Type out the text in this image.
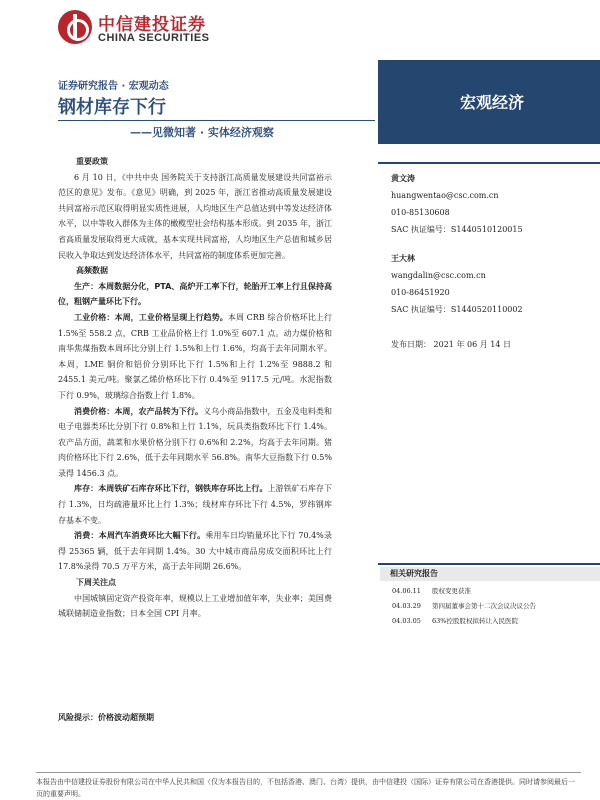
中信建投证券
CHINA SECURITIES
证券研究报告 · 宏观动态
钢材库存下行
——见微知著 · 实体经济观察
宏观经济
重要政策

6 月 10 日，《中共中央 国务院关于支持浙江高质量发展建设共同富裕示范区的意见》发布。《意见》明确，到 2025 年，浙江省推动高质量发展建设共同富裕示范区取得明显实质性进展，人均地区生产总值达到中等发达经济体水平，以中等收入群体为主体的橄榄型社会结构基本形成。到 2035 年，浙江省高质量发展取得更大成就，基本实现共同富裕，人均地区生产总值和城乡居民收入争取达到发达经济体水平，共同富裕的制度体系更加完善。

高频数据

生产：本周数据分化，PTA、高炉开工率下行，轮胎开工率上行且保持高位，粗钢产量环比下行。

工业价格：本周，工业价格呈现上行趋势。本周 CRB 综合价格环比上行 1.5%至 558.2 点，CRB 工业品价格上行 1.0%至 607.1 点。动力煤价格和南华焦煤指数本周环比分别上行 1.5%和上行 1.6%，均高于去年同期水平。本周，LME 铜价和铝价分别环比下行 1.5%和上行 1.2%至 9888.2 和 2455.1 美元/吨。聚氯乙烯价格环比下行 0.4%至 9117.5 元/吨。水泥指数下行 0.9%，玻璃综合指数上行 1.8%。

消费价格：本周，农产品转为下行。义乌小商品指数中，五金及电料类和电子电器类环比分别下行 0.8%和上行 1.1%，玩具类指数环比下行 1.4%。农产品方面，蔬菜和水果价格分别下行 0.6%和 2.2%，均高于去年同期。猪肉价格环比下行 2.6%，低于去年同期水平 56.8%。南华大豆指数下行 0.5%录得 1456.3 点。

库存：本周铁矿石库存环比下行，钢铁库存环比上行。上游铁矿石库存下行 1.3%，日均疏港量环比上行 1.3%；线材库存环比下行 4.5%，罗纬钢库存基本不变。

消费：本周汽车消费环比大幅下行。乘用车日均销量环比下行 70.4%录得 25365 辆，低于去年同期 1.4%。30 大中城市商品房成交面积环比上行 17.8%录得 70.5 万平方米，高于去年同期 26.6%。

下周关注点

中国城镇固定资产投资年率，规模以上工业增加值年率，失业率；美国费城联储制造业指数；日本全国 CPI 月率。

风险提示：价格波动超预期
黄文涛
huangwentao@csc.com.cn
010-85130608
SAC 执证编号：S1440510120015
王大林
wangdalin@csc.com.cn
010-86451920
SAC 执证编号：S1440520110002
发布日期： 2021 年 06 月 14 日
相关研究报告
04.06.11 股权变更获准
04.03.29 第四届董事会第十二次会议决议公告
04.03.05 63%控股股权拟转让入民医院
本报告由中信建投证券股份有限公司在中华人民共和国（仅为本报告目的，不包括香港、澳门、台湾）提供，由中信建投（国际）证券有限公司在香港提供。同时请参阅最后一页的重要声明。
